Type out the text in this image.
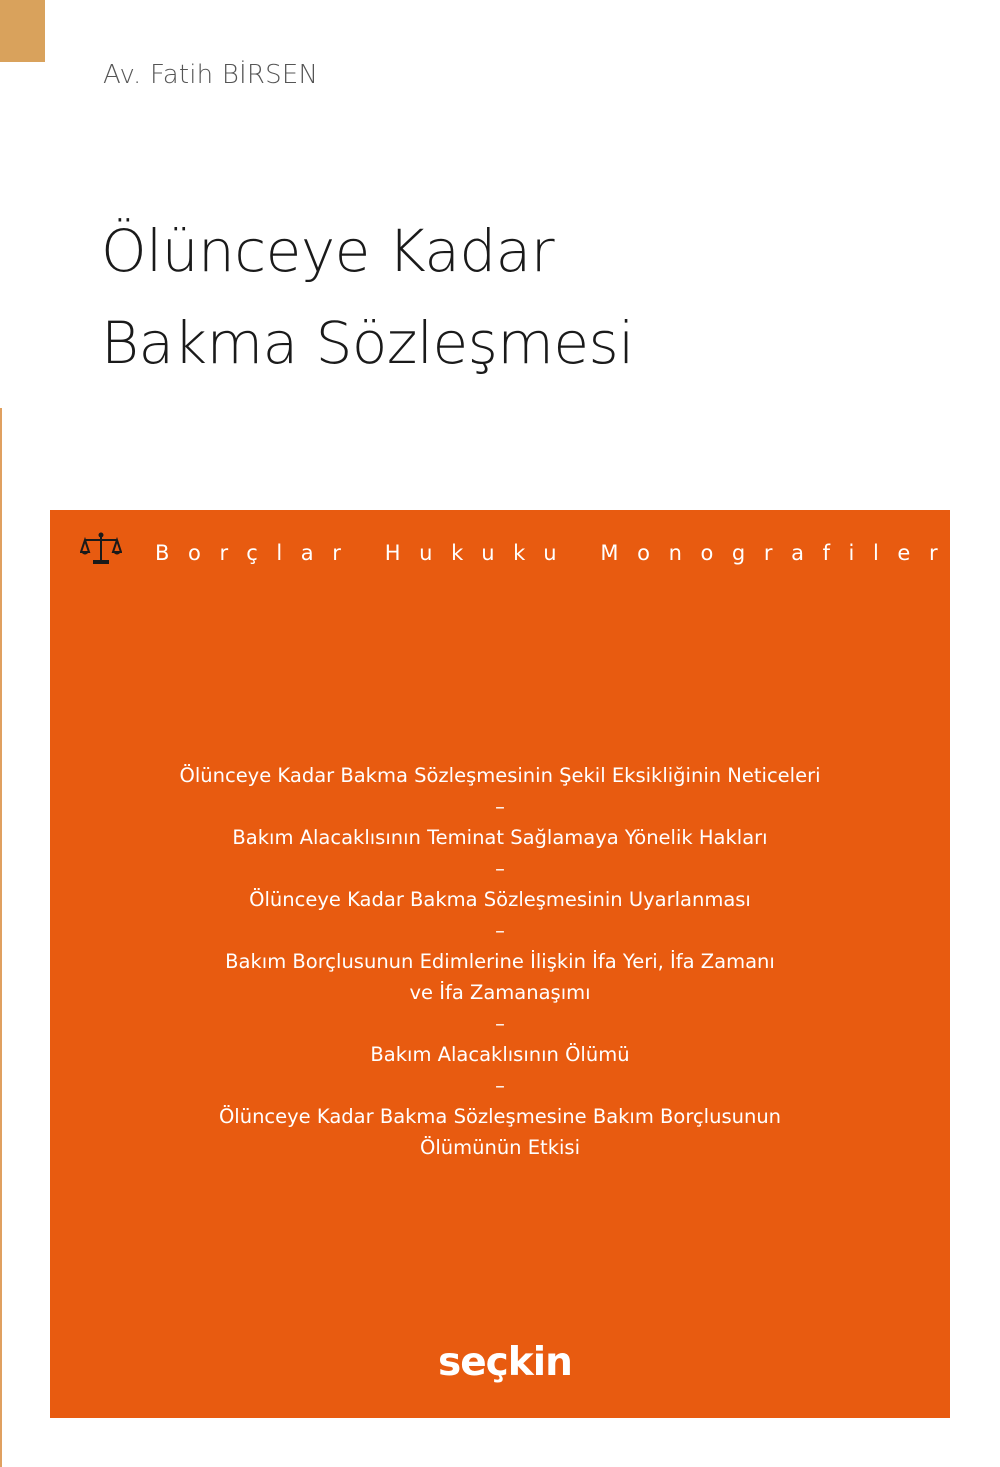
Av. Fatih BİRSEN
Ölünceye Kadar
Bakma Sözleşmesi
Borçlar Hukuku Monografileri
Ölünceye Kadar Bakma Sözleşmesinin Şekil Eksikliğinin Neticeleri
–
Bakım Alacaklısının Teminat Sağlamaya Yönelik Hakları
–
Ölünceye Kadar Bakma Sözleşmesinin Uyarlanması
–
Bakım Borçlusunun Edimlerine İlişkin İfa Yeri, İfa Zamanı
ve İfa Zamanaşımı
–
Bakım Alacaklısının Ölümü
–
Ölünceye Kadar Bakma Sözleşmesine Bakım Borçlusunun
Ölümünün Etkisi
seçkin
